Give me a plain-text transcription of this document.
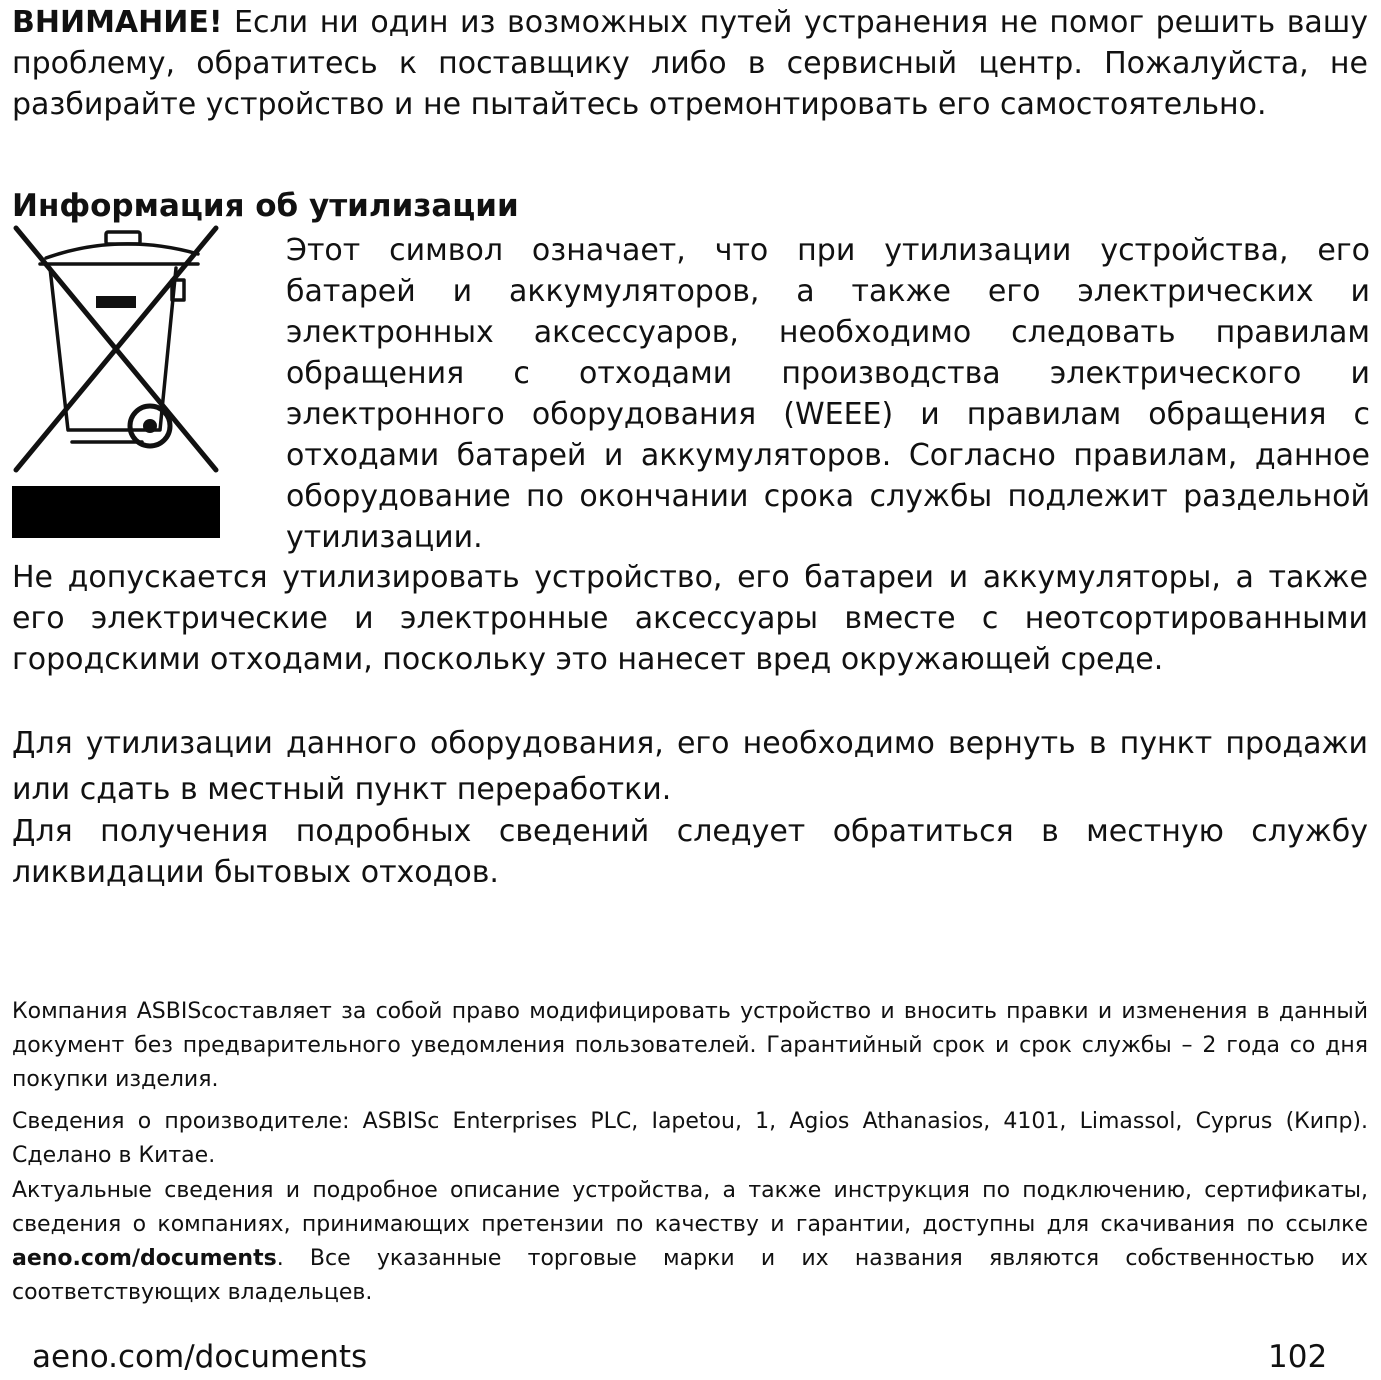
ВНИМАНИЕ! Если ни один из возможных путей устранения не помог решить вашу проблему, обратитесь к поставщику либо в сервисный центр. Пожалуйста, не разбирайте устройство и не пытайтесь отремонтировать его самостоятельно.

Информация об утилизации

Этот символ означает, что при утилизации устройства, его батарей и аккумуляторов, а также его электрических и электронных аксессуаров, необходимо следовать правилам обращения с отходами производства электрического и электронного оборудования (WEEE) и правилам обращения с отходами батарей и аккумуляторов. Согласно правилам, данное оборудование по окончании срока службы подлежит раздельной утилизации.

Не допускается утилизировать устройство, его батареи и аккумуляторы, а также его электрические и электронные аксессуары вместе с неотсортированными городскими отходами, поскольку это нанесет вред окружающей среде.

Для утилизации данного оборудования, его необходимо вернуть в пункт продажи или сдать в местный пункт переработки.

Для получения подробных сведений следует обратиться в местную службу ликвидации бытовых отходов.

Компания ASBISсоставляет за собой право модифицировать устройство и вносить правки и изменения в данный документ без предварительного уведомления пользователей. Гарантийный срок и срок службы – 2 года со дня покупки изделия.

Сведения о производителе: ASBISc Enterprises PLC, Iapetou, 1, Agios Athanasios, 4101, Limassol, Cyprus (Кипр). Сделано в Китае.

Актуальные сведения и подробное описание устройства, а также инструкция по подключению, сертификаты, сведения о компаниях, принимающих претензии по качеству и гарантии, доступны для скачивания по ссылке aeno.com/documents. Все указанные торговые марки и их названия являются собственностью их соответствующих владельцев.

aeno.com/documents	102
